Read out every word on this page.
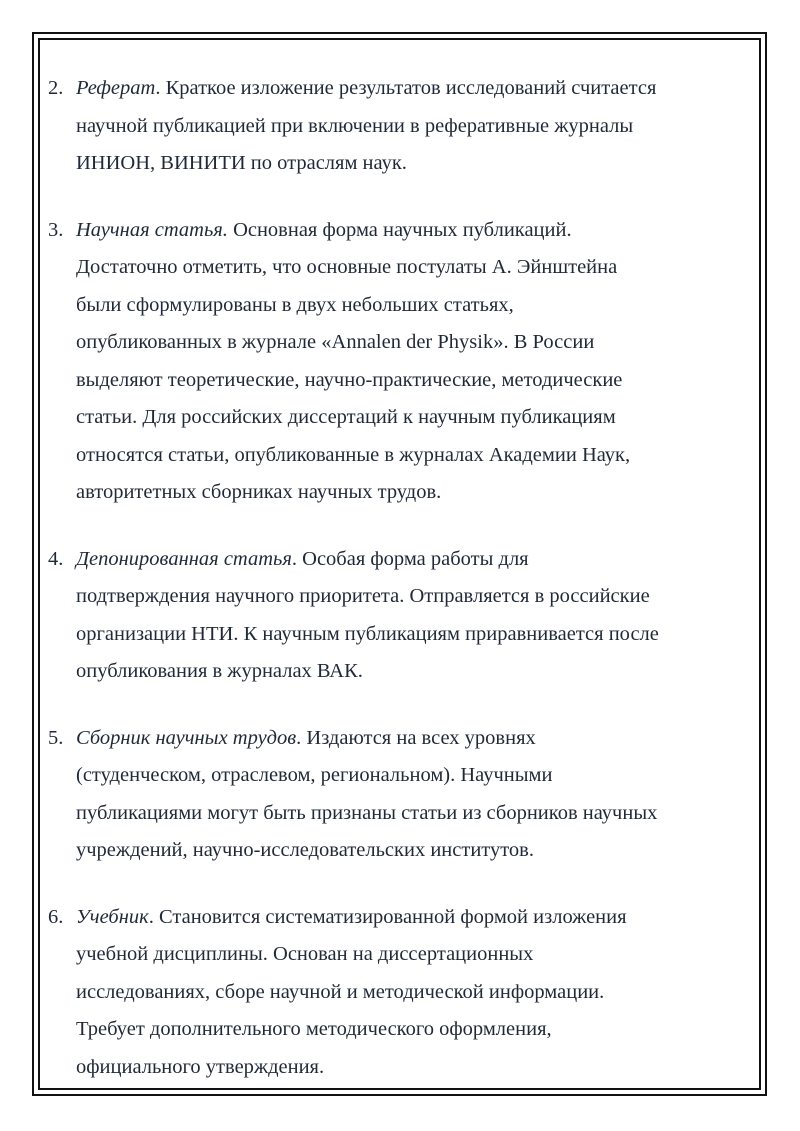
2. Реферат. Краткое изложение результатов исследований считается
научной публикацией при включении в реферативные журналы
ИНИОН, ВИНИТИ по отраслям наук.
3. Научная статья. Основная форма научных публикаций.
Достаточно отметить, что основные постулаты А. Эйнштейна
были сформулированы в двух небольших статьях,
опубликованных в журнале «Annalen der Physik». В России
выделяют теоретические, научно-практические, методические
статьи. Для российских диссертаций к научным публикациям
относятся статьи, опубликованные в журналах Академии Наук,
авторитетных сборниках научных трудов.
4. Депонированная статья. Особая форма работы для
подтверждения научного приоритета. Отправляется в российские
организации НТИ. К научным публикациям приравнивается после
опубликования в журналах ВАК.
5. Сборник научных трудов. Издаются на всех уровнях
(студенческом, отраслевом, региональном). Научными
публикациями могут быть признаны статьи из сборников научных
учреждений, научно-исследовательских институтов.
6. Учебник. Становится систематизированной формой изложения
учебной дисциплины. Основан на диссертационных
исследованиях, сборе научной и методической информации.
Требует дополнительного методического оформления,
официального утверждения.
